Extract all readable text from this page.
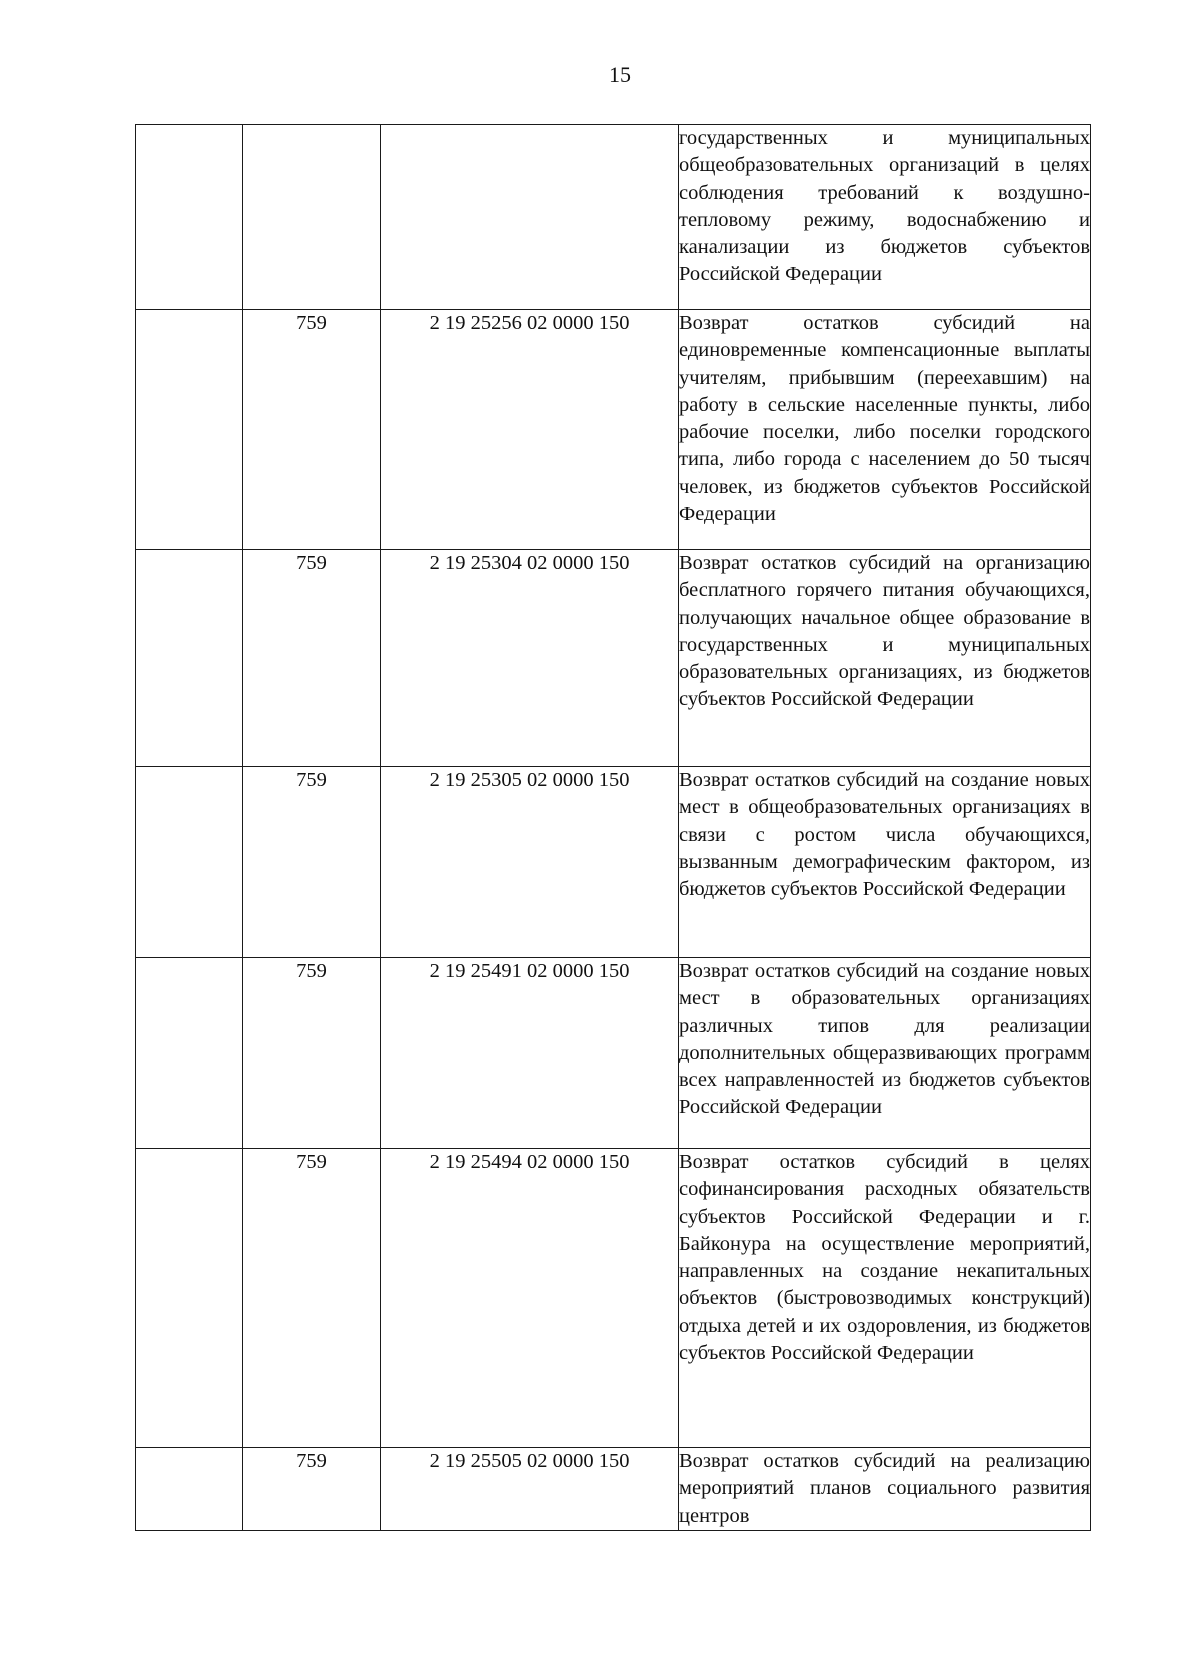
15
			государственных и муниципальных общеобразовательных организаций в целях соблюдения требований к воздушно-тепловому режиму, водоснабжению и канализации из бюджетов субъектов Российской Федерации
	759	2 19 25256 02 0000 150	Возврат остатков субсидий на единовременные компенсационные выплаты учителям, прибывшим (переехавшим) на работу в сельские населенные пункты, либо рабочие поселки, либо поселки городского типа, либо города с населением до 50 тысяч человек, из бюджетов субъектов Российской Федерации
	759	2 19 25304 02 0000 150	Возврат остатков субсидий на организацию бесплатного горячего питания обучающихся, получающих начальное общее образование в государственных и муниципальных образовательных организациях, из бюджетов субъектов Российской Федерации
	759	2 19 25305 02 0000 150	Возврат остатков субсидий на создание новых мест в общеобразовательных организациях в связи с ростом числа обучающихся, вызванным демографическим фактором, из бюджетов субъектов Российской Федерации
	759	2 19 25491 02 0000 150	Возврат остатков субсидий на создание новых мест в образовательных организациях различных типов для реализации дополнительных общеразвивающих программ всех направленностей из бюджетов субъектов Российской Федерации
	759	2 19 25494 02 0000 150	Возврат остатков субсидий в целях софинансирования расходных обязательств субъектов Российской Федерации и г. Байконура на осуществление мероприятий, направленных на создание некапитальных объектов (быстровозводимых конструкций) отдыха детей и их оздоровления, из бюджетов субъектов Российской Федерации
	759	2 19 25505 02 0000 150	Возврат остатков субсидий на реализацию мероприятий планов социального развития центров
